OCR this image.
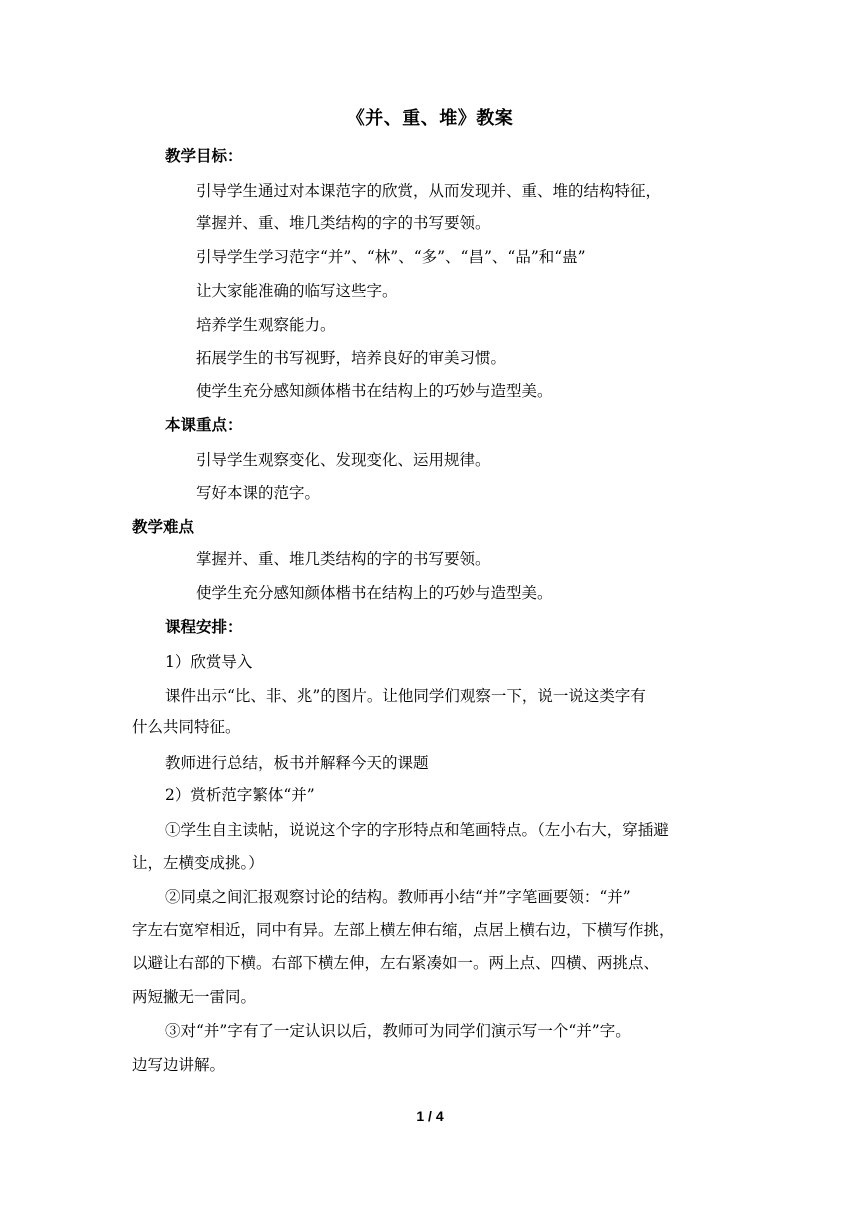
《并、重、堆》教案
教学目标：
引导学生通过对本课范字的欣赏，从而发现并、重、堆的结构特征，
掌握并、重、堆几类结构的字的书写要领。
引导学生学习范字“并”、“林”、“多”、“昌”、“品”和“蛊”
让大家能准确的临写这些字。
培养学生观察能力。
拓展学生的书写视野，培养良好的审美习惯。
使学生充分感知颜体楷书在结构上的巧妙与造型美。
本课重点：
引导学生观察变化、发现变化、运用规律。
写好本课的范字。
教学难点
掌握并、重、堆几类结构的字的书写要领。
使学生充分感知颜体楷书在结构上的巧妙与造型美。
课程安排：
1）欣赏导入
课件出示“比、非、兆”的图片。让他同学们观察一下，说一说这类字有
什么共同特征。
教师进行总结，板书并解释今天的课题
2）赏析范字繁体“并”
①学生自主读帖，说说这个字的字形特点和笔画特点。（左小右大，穿插避
让，左横变成挑。）
②同桌之间汇报观察讨论的结构。教师再小结“并”字笔画要领：“并”
字左右宽窄相近，同中有异。左部上横左伸右缩，点居上横右边，下横写作挑，
以避让右部的下横。右部下横左伸，左右紧凑如一。两上点、四横、两挑点、
两短撇无一雷同。
③对“并”字有了一定认识以后，教师可为同学们演示写一个“并”字。
边写边讲解。
1 / 4
